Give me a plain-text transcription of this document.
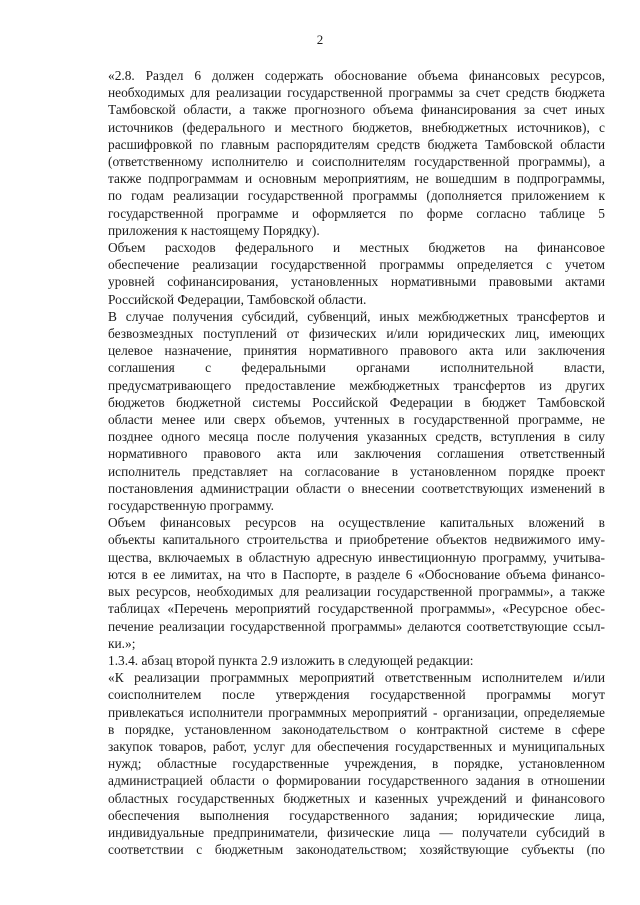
2

«2.8. Раздел 6 должен содержать обоснование объема финансовых ресурсов,
необходимых для реализации государственной программы за счет средств бюджета
Тамбовской области, а также прогнозного объема финансирования за счет иных
источников (федерального и местного бюджетов, внебюджетных источников), с
расшифровкой по главным распорядителям средств бюджета Тамбовской области
(ответственному исполнителю и соисполнителям государственной программы), а
также подпрограммам и основным мероприятиям, не вошедшим в подпрограммы,
по годам реализации государственной программы (дополняется приложением к
государственной программе и оформляется по форме согласно таблице 5
приложения к настоящему Порядку).

Объем расходов федерального и местных бюджетов на финансовое
обеспечение реализации государственной программы определяется с учетом
уровней софинансирования, установленных нормативными правовыми актами
Российской Федерации, Тамбовской области.

В случае получения субсидий, субвенций, иных межбюджетных трансфертов и
безвозмездных поступлений от физических и/или юридических лиц, имеющих
целевое назначение, принятия нормативного правового акта или заключения
соглашения с федеральными органами исполнительной власти,
предусматривающего предоставление межбюджетных трансфертов из других
бюджетов бюджетной системы Российской Федерации в бюджет Тамбовской
области менее или сверх объемов, учтенных в государственной программе, не
позднее одного месяца после получения указанных средств, вступления в силу
нормативного правового акта или заключения соглашения ответственный
исполнитель представляет на согласование в установленном порядке проект
постановления администрации области о внесении соответствующих изменений в
государственную программу.

Объем финансовых ресурсов на осуществление капитальных вложений в
объекты капитального строительства и приобретение объектов недвижимого иму-
щества, включаемых в областную адресную инвестиционную программу, учитыва-
ются в ее лимитах, на что в Паспорте, в разделе 6 «Обоснование объема финансо-
вых ресурсов, необходимых для реализации государственной программы», а также
таблицах «Перечень мероприятий государственной программы», «Ресурсное обес-
печение реализации государственной программы» делаются соответствующие ссыл-
ки.»;

1.3.4. абзац второй пункта 2.9 изложить в следующей редакции:

«К реализации программных мероприятий ответственным исполнителем и/или
соисполнителем после утверждения государственной программы могут
привлекаться исполнители программных мероприятий - организации, определяемые
в порядке, установленном законодательством о контрактной системе в сфере
закупок товаров, работ, услуг для обеспечения государственных и муниципальных
нужд; областные государственные учреждения, в порядке, установленном
администрацией области о формировании государственного задания в отношении
областных государственных бюджетных и казенных учреждений и финансового
обеспечения выполнения государственного задания; юридические лица,
индивидуальные предприниматели, физические лица — получатели субсидий в
соответствии с бюджетным законодательством; хозяйствующие субъекты (по
